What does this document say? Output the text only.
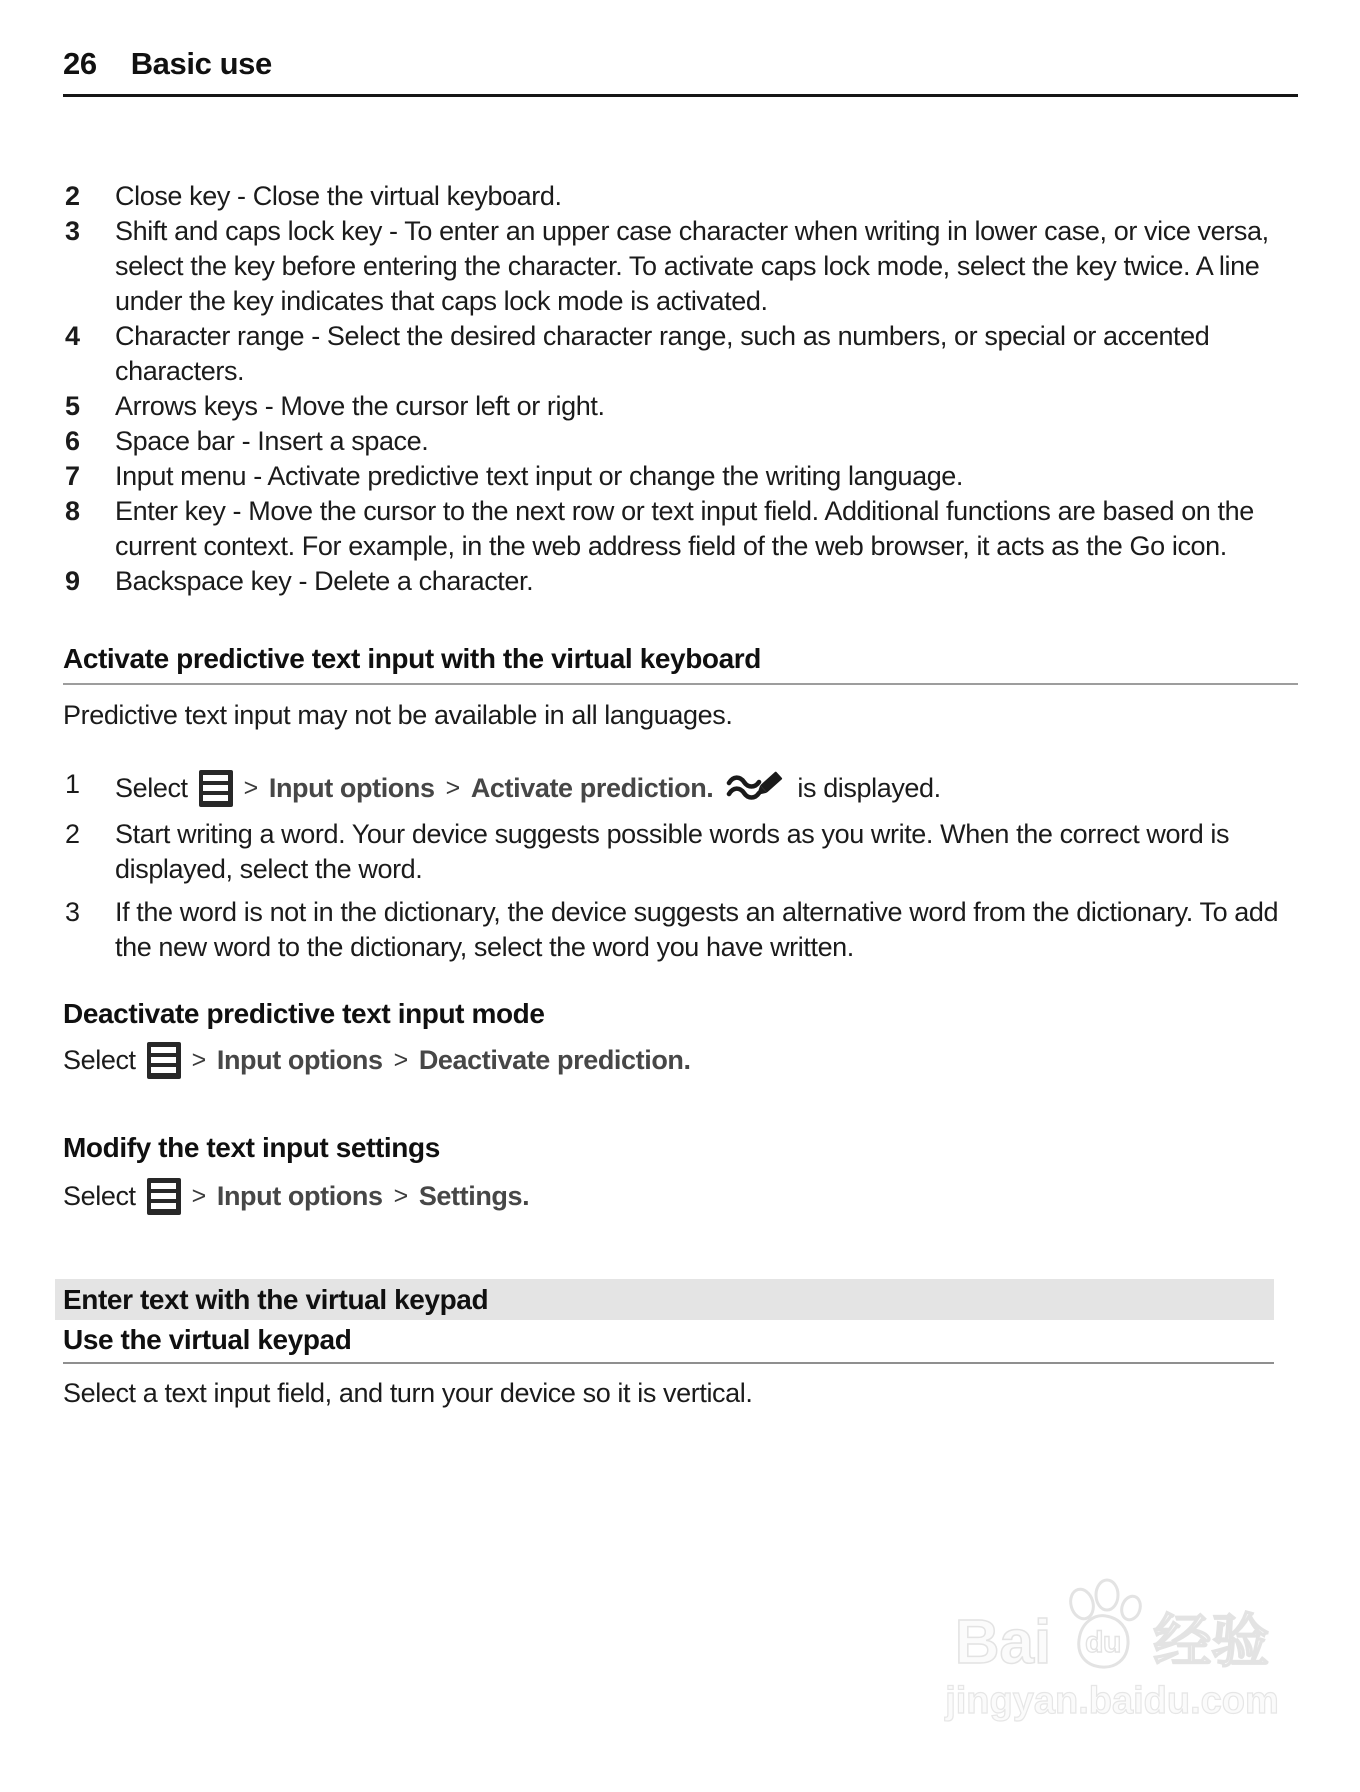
26 Basic use
2 Close key - Close the virtual keyboard.
3 Shift and caps lock key - To enter an upper case character when writing in lower case, or vice versa, select the key before entering the character. To activate caps lock mode, select the key twice. A line under the key indicates that caps lock mode is activated.
4 Character range - Select the desired character range, such as numbers, or special or accented characters.
5 Arrows keys - Move the cursor left or right.
6 Space bar - Insert a space.
7 Input menu - Activate predictive text input or change the writing language.
8 Enter key - Move the cursor to the next row or text input field. Additional functions are based on the current context. For example, in the web address field of the web browser, it acts as the Go icon.
9 Backspace key - Delete a character.
Activate predictive text input with the virtual keyboard
Predictive text input may not be available in all languages.
1 Select > Input options > Activate prediction.	is displayed.
2 Start writing a word. Your device suggests possible words as you write. When the correct word is displayed, select the word.
3 If the word is not in the dictionary, the device suggests an alternative word from the dictionary. To add the new word to the dictionary, select the word you have written.
Deactivate predictive text input mode
Select > Input options > Deactivate prediction.
Modify the text input settings
Select > Input options > Settings.
Enter text with the virtual keypad
Use the virtual keypad
Select a text input field, and turn your device so it is vertical.
Bai du 经验
jingyan.baidu.com
